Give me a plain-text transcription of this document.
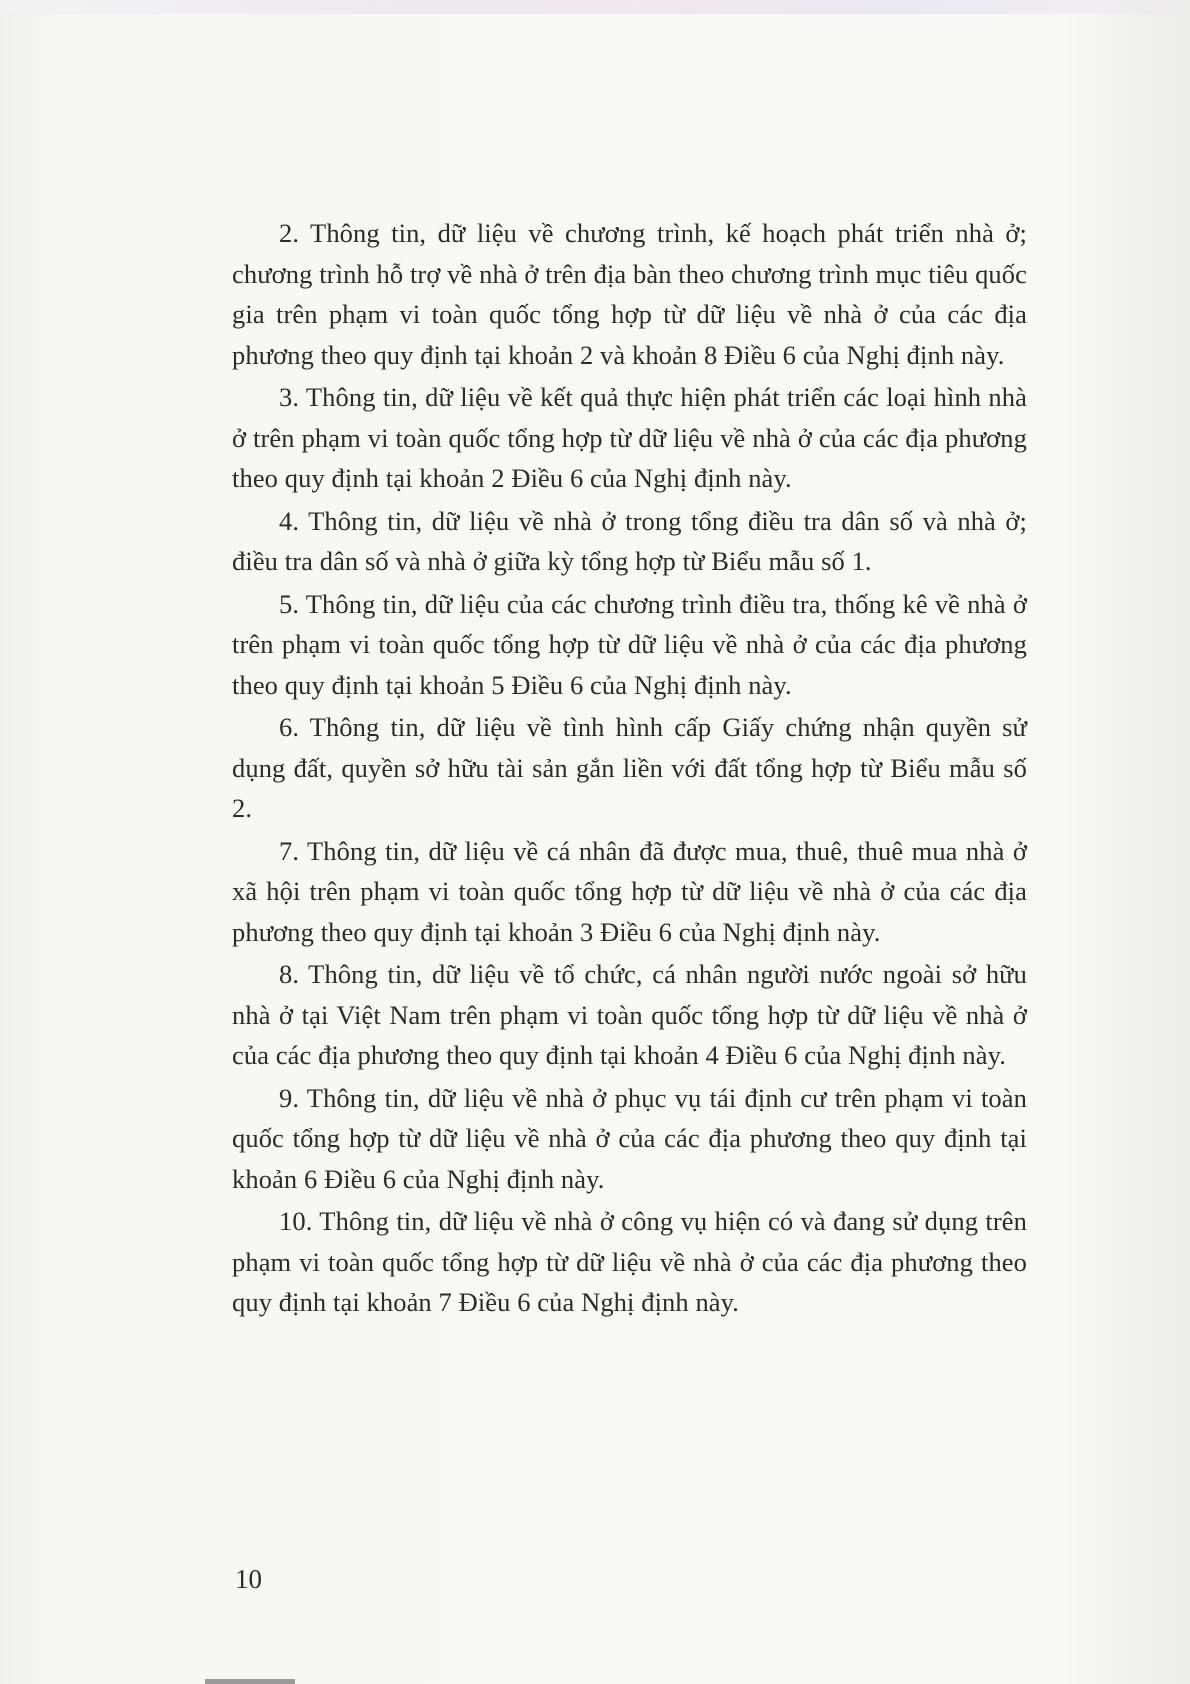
2. Thông tin, dữ liệu về chương trình, kế hoạch phát triển nhà ở; chương trình hỗ trợ về nhà ở trên địa bàn theo chương trình mục tiêu quốc gia trên phạm vi toàn quốc tổng hợp từ dữ liệu về nhà ở của các địa phương theo quy định tại khoản 2 và khoản 8 Điều 6 của Nghị định này.

3. Thông tin, dữ liệu về kết quả thực hiện phát triển các loại hình nhà ở trên phạm vi toàn quốc tổng hợp từ dữ liệu về nhà ở của các địa phương theo quy định tại khoản 2 Điều 6 của Nghị định này.

4. Thông tin, dữ liệu về nhà ở trong tổng điều tra dân số và nhà ở; điều tra dân số và nhà ở giữa kỳ tổng hợp từ Biểu mẫu số 1.

5. Thông tin, dữ liệu của các chương trình điều tra, thống kê về nhà ở trên phạm vi toàn quốc tổng hợp từ dữ liệu về nhà ở của các địa phương theo quy định tại khoản 5 Điều 6 của Nghị định này.

6. Thông tin, dữ liệu về tình hình cấp Giấy chứng nhận quyền sử dụng đất, quyền sở hữu tài sản gắn liền với đất tổng hợp từ Biểu mẫu số 2.

7. Thông tin, dữ liệu về cá nhân đã được mua, thuê, thuê mua nhà ở xã hội trên phạm vi toàn quốc tổng hợp từ dữ liệu về nhà ở của các địa phương theo quy định tại khoản 3 Điều 6 của Nghị định này.

8. Thông tin, dữ liệu về tổ chức, cá nhân người nước ngoài sở hữu nhà ở tại Việt Nam trên phạm vi toàn quốc tổng hợp từ dữ liệu về nhà ở của các địa phương theo quy định tại khoản 4 Điều 6 của Nghị định này.

9. Thông tin, dữ liệu về nhà ở phục vụ tái định cư trên phạm vi toàn quốc tổng hợp từ dữ liệu về nhà ở của các địa phương theo quy định tại khoản 6 Điều 6 của Nghị định này.

10. Thông tin, dữ liệu về nhà ở công vụ hiện có và đang sử dụng trên phạm vi toàn quốc tổng hợp từ dữ liệu về nhà ở của các địa phương theo quy định tại khoản 7 Điều 6 của Nghị định này.

10
